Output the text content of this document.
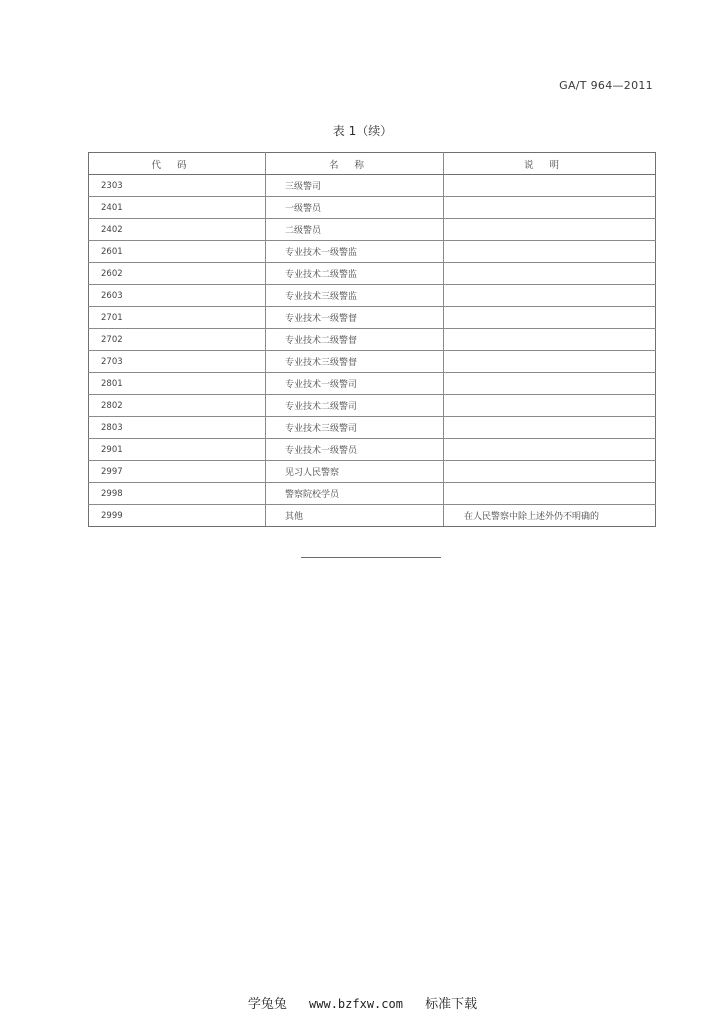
GA/T 964—2011
表 1（续）
代码	名称	说明
2303	三级警司	
2401	一级警员	
2402	二级警员	
2601	专业技术一级警监	
2602	专业技术二级警监	
2603	专业技术三级警监	
2701	专业技术一级警督	
2702	专业技术二级警督	
2703	专业技术三级警督	
2801	专业技术一级警司	
2802	专业技术二级警司	
2803	专业技术三级警司	
2901	专业技术一级警员	
2997	见习人民警察	
2998	警察院校学员	
2999	其他	在人民警察中除上述外仍不明确的
学兔兔 www.bzfxw.com 标准下载
